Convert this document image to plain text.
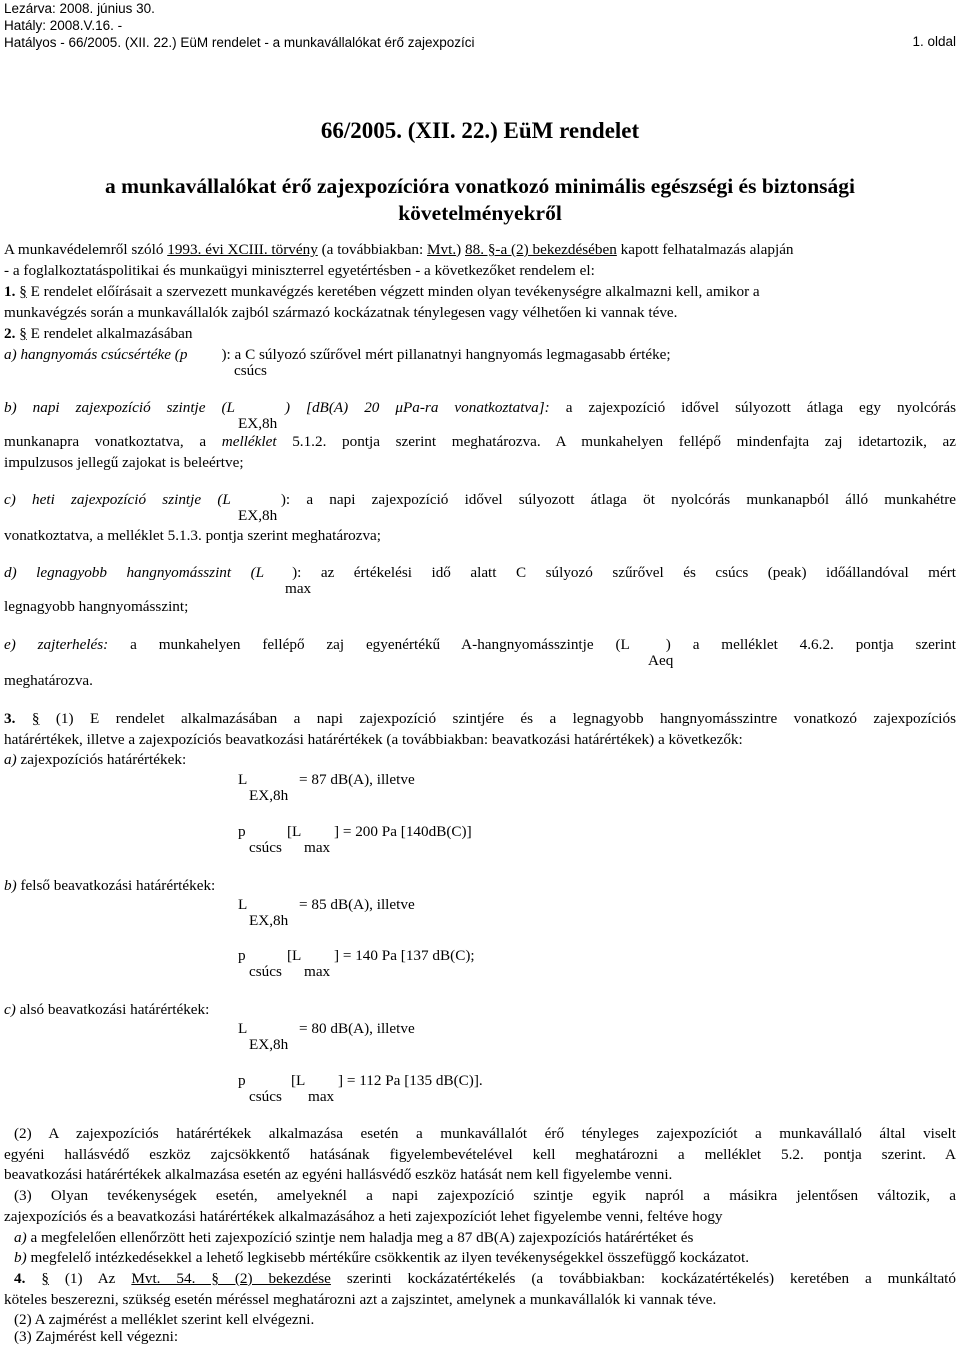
Lezárva: 2008. június 30.
Hatály: 2008.V.16. -
Hatályos - 66/2005. (XII. 22.) EüM rendelet - a munkavállalókat érő zajexpozíci	1. oldal
66/2005. (XII. 22.) EüM rendelet
a munkavállalókat érő zajexpozícióra vonatkozó minimális egészségi és biztonsági
követelményekről
A munkavédelemről szóló 1993. évi XCIII. törvény (a továbbiakban: Mvt.) 88. §-a (2) bekezdésében kapott felhatalmazás alapján
- a foglalkoztatáspolitikai és munkaügyi miniszterrel egyetértésben - a következőket rendelem el:
1. § E rendelet előírásait a szervezett munkavégzés keretében végzett minden olyan tevékenységre alkalmazni kell, amikor a
munkavégzés során a munkavállalók zajból származó kockázatnak ténylegesen vagy vélhetően ki vannak téve.
2. § E rendelet alkalmazásában
a) hangnyomás csúcsértéke (p ): a C súlyozó szűrővel mért pillanatnyi hangnyomás legmagasabb értéke;
csúcs
b) napi zajexpozíció szintje (L	) [dB(A) 20 μPa-ra vonatkoztatva]: a zajexpozíció idővel súlyozott átlaga egy nyolcórás
EX,8h
munkanapra vonatkoztatva, a melléklet 5.1.2. pontja szerint meghatározva. A munkahelyen fellépő mindenfajta zaj idetartozik, az
impulzusos jellegű zajokat is beleértve;
c) heti zajexpozíció szintje (L	): a napi zajexpozíció idővel súlyozott átlaga öt nyolcórás munkanapból álló munkahétre
EX,8h
vonatkoztatva, a melléklet 5.1.3. pontja szerint meghatározva;
d) legnagyobb hangnyomásszint (L ): az értékelési idő alatt C súlyozó szűrővel és csúcs (peak) időállandóval mért
max
legnagyobb hangnyomásszint;
e) zajterhelés: a munkahelyen fellépő zaj egyenértékű A-hangnyomásszintje (L ) a melléklet 4.6.2. pontja szerint
Aeq
meghatározva.
3. § (1) E rendelet alkalmazásában a napi zajexpozíció szintjére és a legnagyobb hangnyomásszintre vonatkozó zajexpozíciós
határértékek, illetve a zajexpozíciós beavatkozási határértékek (a továbbiakban: beavatkozási határértékek) a következők:
a) zajexpozíciós határértékek:
L	= 87 dB(A), illetve
EX,8h
p	[L ] = 200 Pa [140dB(C)]
csúcs max
b) felső beavatkozási határértékek:
L	= 85 dB(A), illetve
EX,8h
p	[L ] = 140 Pa [137 dB(C);
csúcs max
c) alsó beavatkozási határértékek:
L	= 80 dB(A), illetve
EX,8h
p	[L ] = 112 Pa [135 dB(C)].
csúcs max
(2) A zajexpozíciós határértékek alkalmazása esetén a munkavállalót érő tényleges zajexpozíciót a munkavállaló által viselt
egyéni hallásvédő eszköz zajcsökkentő hatásának figyelembevételével kell meghatározni a melléklet 5.2. pontja szerint. A
beavatkozási határértékek alkalmazása esetén az egyéni hallásvédő eszköz hatását nem kell figyelembe venni.
(3) Olyan tevékenységek esetén, amelyeknél a napi zajexpozíció szintje egyik napról a másikra jelentősen változik, a
zajexpozíciós és a beavatkozási határértékek alkalmazásához a heti zajexpozíciót lehet figyelembe venni, feltéve hogy
a) a megfelelően ellenőrzött heti zajexpozíció szintje nem haladja meg a 87 dB(A) zajexpozíciós határértéket és
b) megfelelő intézkedésekkel a lehető legkisebb mértékűre csökkentik az ilyen tevékenységekkel összefüggő kockázatot.
4. § (1) Az Mvt. 54. § (2) bekezdése szerinti kockázatértékelés (a továbbiakban: kockázatértékelés) keretében a munkáltató
köteles beszerezni, szükség esetén méréssel meghatározni azt a zajszintet, amelynek a munkavállalók ki vannak téve.
(2) A zajmérést a melléklet szerint kell elvégezni.
(3) Zajmérést kell végezni:
